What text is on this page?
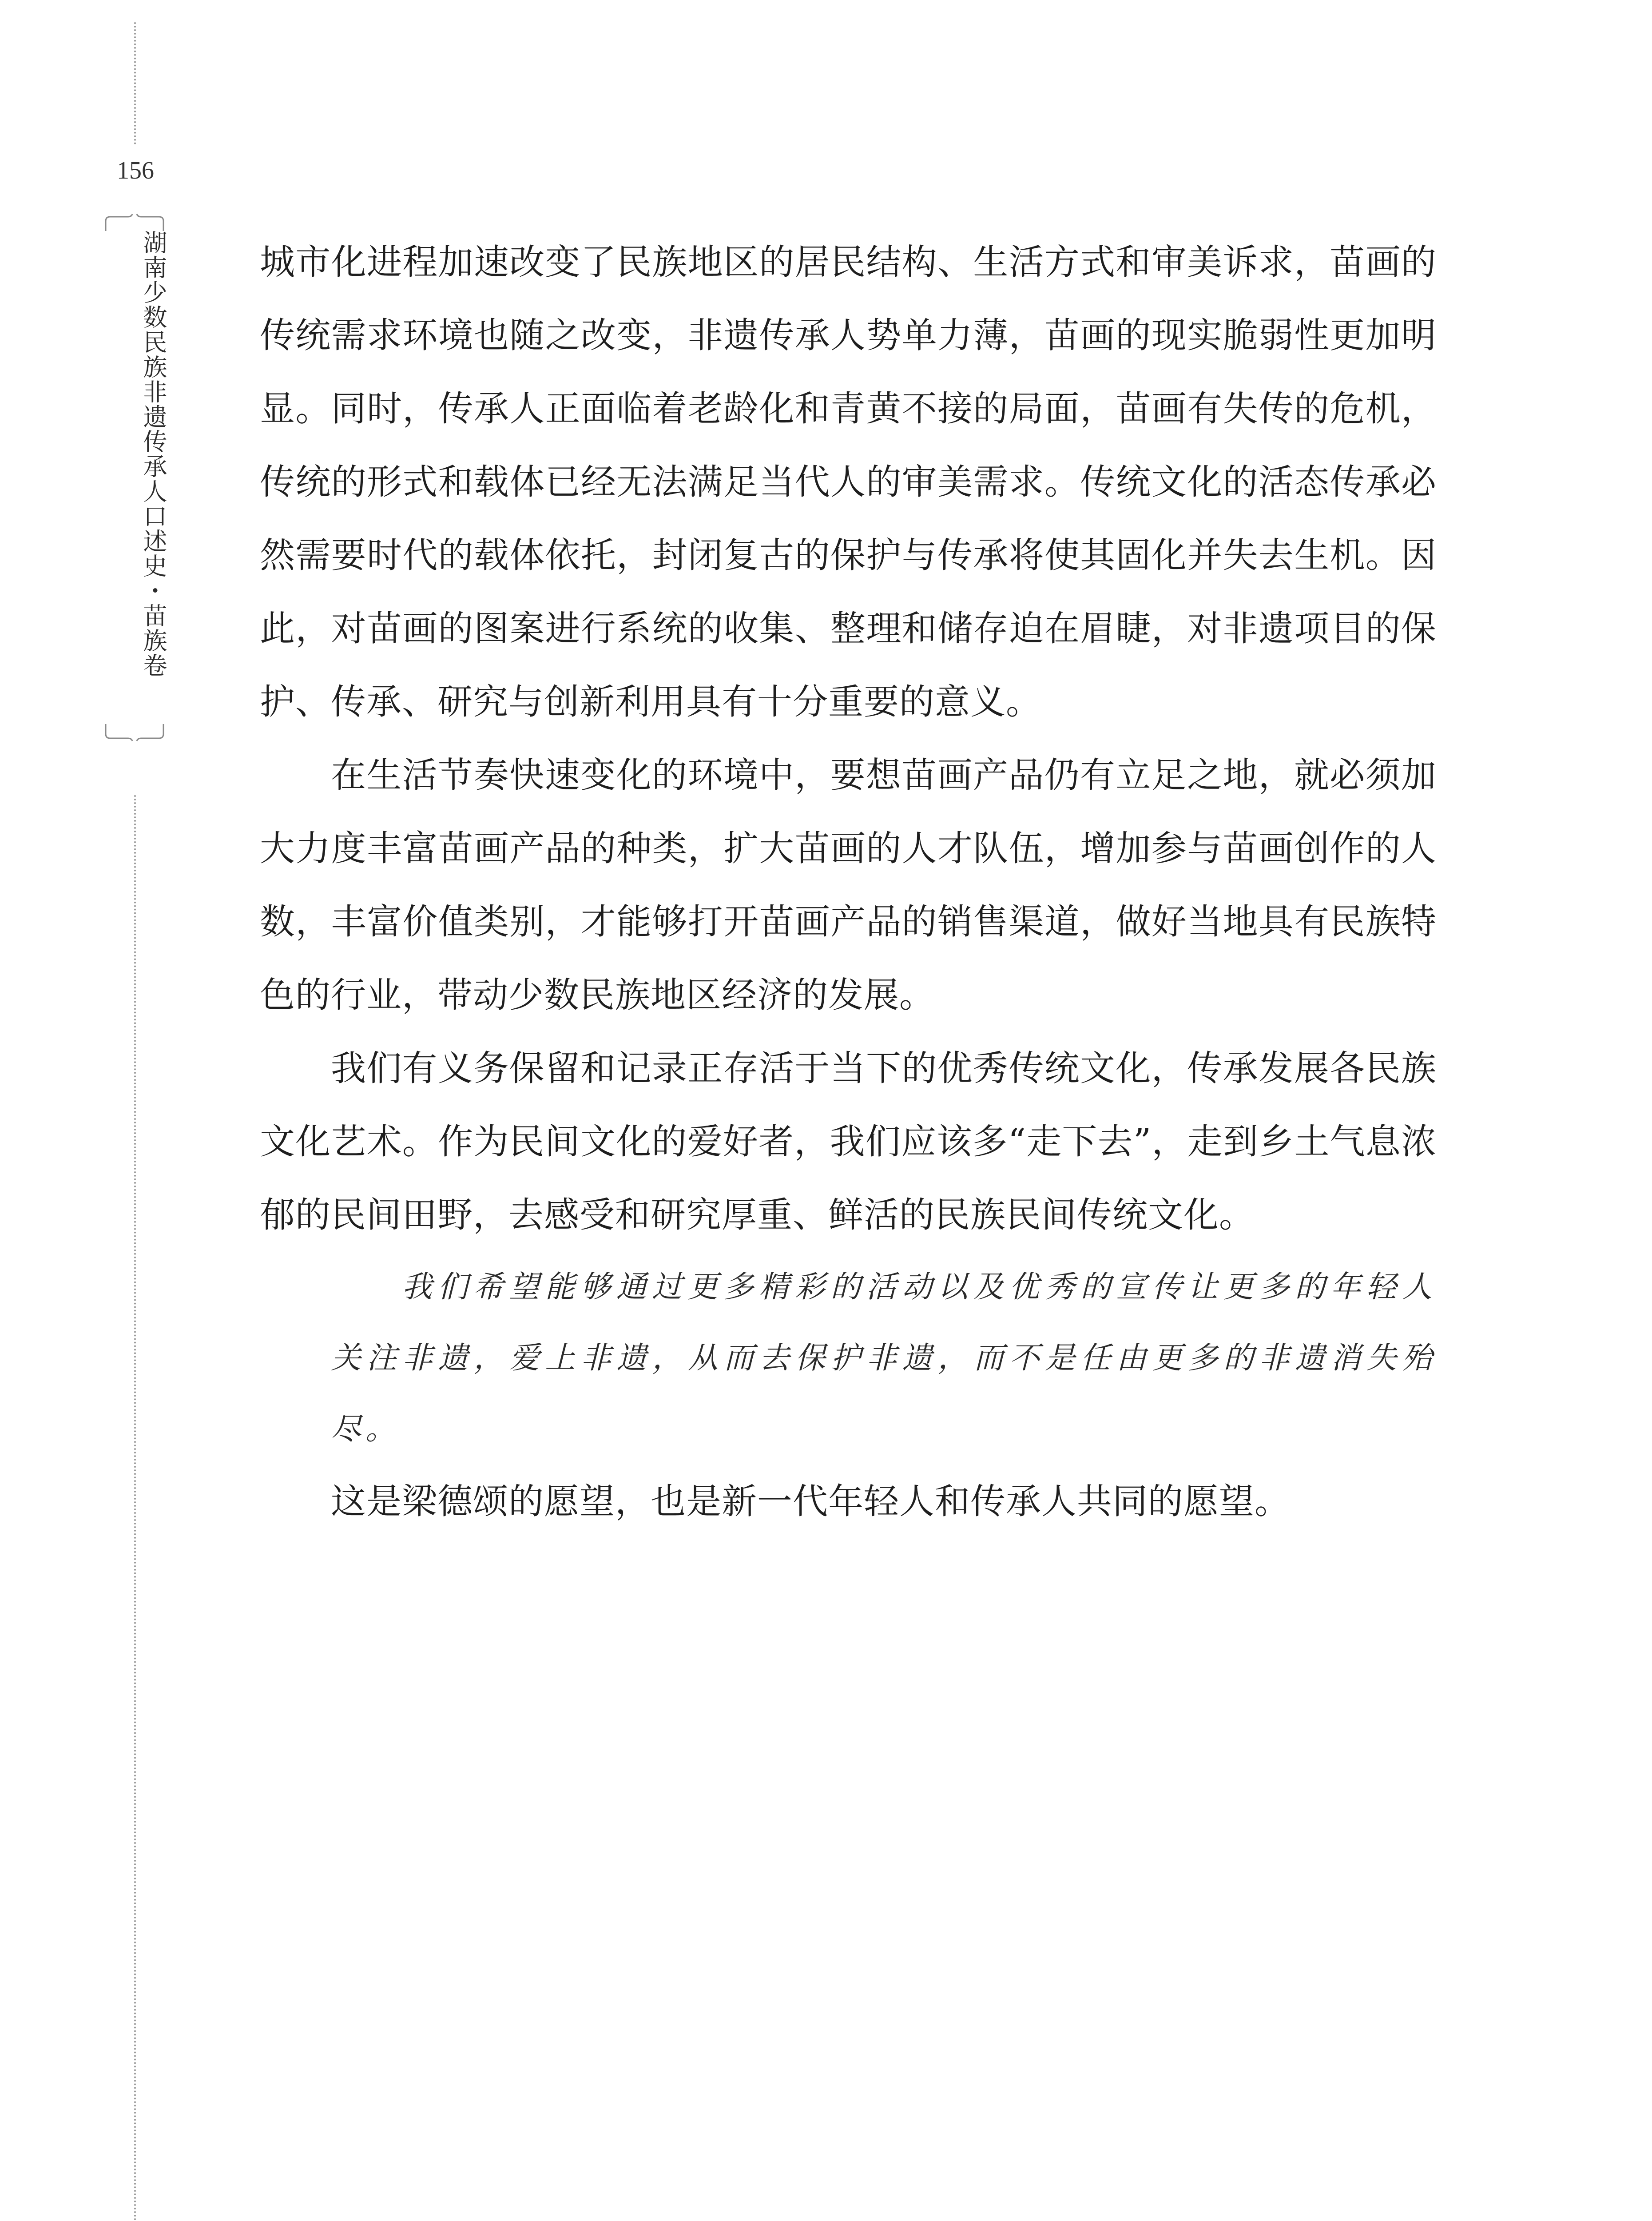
156
湖南少数民族非遗传承人口述史・苗族卷	城市化进程加速改变了民族地区的居民结构、生活方式和审美诉求，苗画的传统需求环境也随之改变，非遗传承人势单力薄，苗画的现实脆弱性更加明显。同时，传承人正面临着老龄化和青黄不接的局面，苗画有失传的危机，传统的形式和载体已经无法满足当代人的审美需求。传统文化的活态传承必然需要时代的载体依托，封闭复古的保护与传承将使其固化并失去生机。因此，对苗画的图案进行系统的收集、整理和储存迫在眉睫，对非遗项目的保护、传承、研究与创新利用具有十分重要的意义。

在生活节奏快速变化的环境中，要想苗画产品仍有立足之地，就必须加大力度丰富苗画产品的种类，扩大苗画的人才队伍，增加参与苗画创作的人数，丰富价值类别，才能够打开苗画产品的销售渠道，做好当地具有民族特色的行业，带动少数民族地区经济的发展。

我们有义务保留和记录正存活于当下的优秀传统文化，传承发展各民族文化艺术。作为民间文化的爱好者，我们应该多“走下去”，走到乡土气息浓郁的民间田野，去感受和研究厚重、鲜活的民族民间传统文化。

我们希望能够通过更多精彩的活动以及优秀的宣传让更多的年轻人关注非遗，爱上非遗，从而去保护非遗，而不是任由更多的非遗消失殆尽。

这是梁德颂的愿望，也是新一代年轻人和传承人共同的愿望。
